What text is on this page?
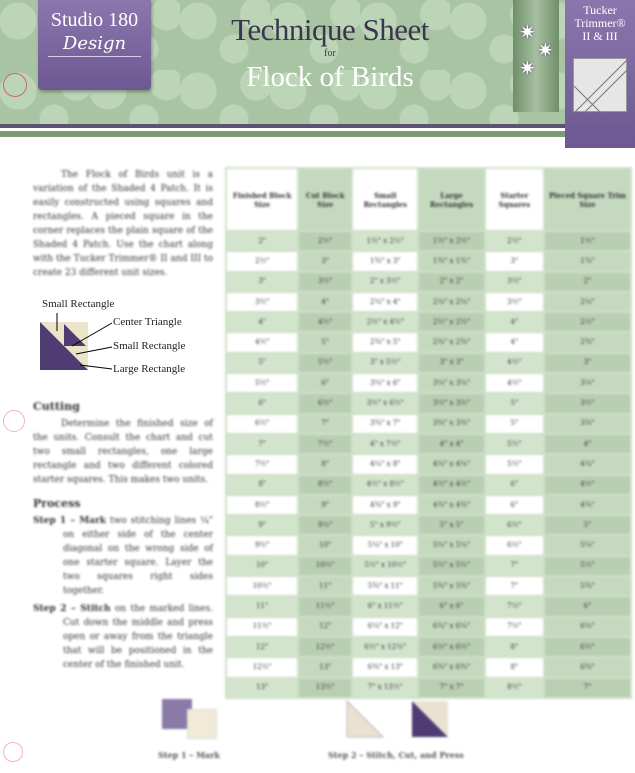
Studio 180
Design	Technique Sheet
for
Flock of Birds
✷
✷
✷
Tucker Trimmer® II & III
The Flock of Birds unit is a variation of the Shaded 4 Patch. It is easily constructed using squares and rectangles. A pieced square in the corner replaces the plain square of the Shaded 4 Patch. Use the chart along with the Tucker Trimmer® II and III to create 23 different unit sizes.
Small Rectangle
Center Triangle
Small Rectangle
Large Rectangle
Cutting

Determine the finished size of the units. Consult the chart and cut two small rectangles, one large rectangle and two different colored starter squares. This makes two units.

Process

Step 1 – Mark two stitching lines ¼" on either side of the center diagonal on the wrong side of one starter square. Layer the two squares right sides together.

Step 2 – Stitch on the marked lines. Cut down the middle and press open or away from the triangle that will be positioned in the center of the finished unit.

Finished Block Size	Cut Block Size	Small Rectangles	Large Rectangles	Starter Squares	Pieced Square Trim Size
2"	2½"	1½" x 2½"	1½" x 2½"	2½"	1½"
2½"	3"	1¾" x 3"	1¾" x 1¾"	3"	1¾"
3"	3½"	2" x 3½"	2" x 2"	3½"	2"
3½"	4"	2¼" x 4"	2¼" x 2¼"	3½"	2¼"
4"	4½"	2½" x 4½"	2½" x 2½"	4"	2½"
4½"	5"	2¾" x 5"	2¾" x 2¾"	4"	2¾"
5"	5½"	3" x 5½"	3" x 3"	4½"	3"
5½"	6"	3¼" x 6"	3¼" x 3¼"	4½"	3¼"
6"	6½"	3½" x 6½"	3½" x 3½"	5"	3½"
6½"	7"	3¾" x 7"	3¾" x 3¾"	5"	3¾"
7"	7½"	4" x 7½"	4" x 4"	5½"	4"
7½"	8"	4¼" x 8"	4¼" x 4¼"	5½"	4¼"
8"	8½"	4½" x 8½"	4½" x 4½"	6"	4½"
8½"	9"	4¾" x 9"	4¾" x 4¾"	6"	4¾"
9"	9½"	5" x 9½"	5" x 5"	6½"	5"
9½"	10"	5¼" x 10"	5¼" x 5¼"	6½"	5¼"
10"	10½"	5½" x 10½"	5½" x 5½"	7"	5½"
10½"	11"	5¾" x 11"	5¾" x 5¾"	7"	5¾"
11"	11½"	6" x 11½"	6" x 6"	7½"	6"
11½"	12"	6¼" x 12"	6¼" x 6¼"	7½"	6¼"
12"	12½"	6½" x 12½"	6½" x 6½"	8"	6½"
12½"	13"	6¾" x 13"	6¾" x 6¾"	8"	6¾"
13"	13½"	7" x 13½"	7" x 7"	8½"	7"
Step 1 – Mark	Step 2 – Stitch, Cut, and Press
